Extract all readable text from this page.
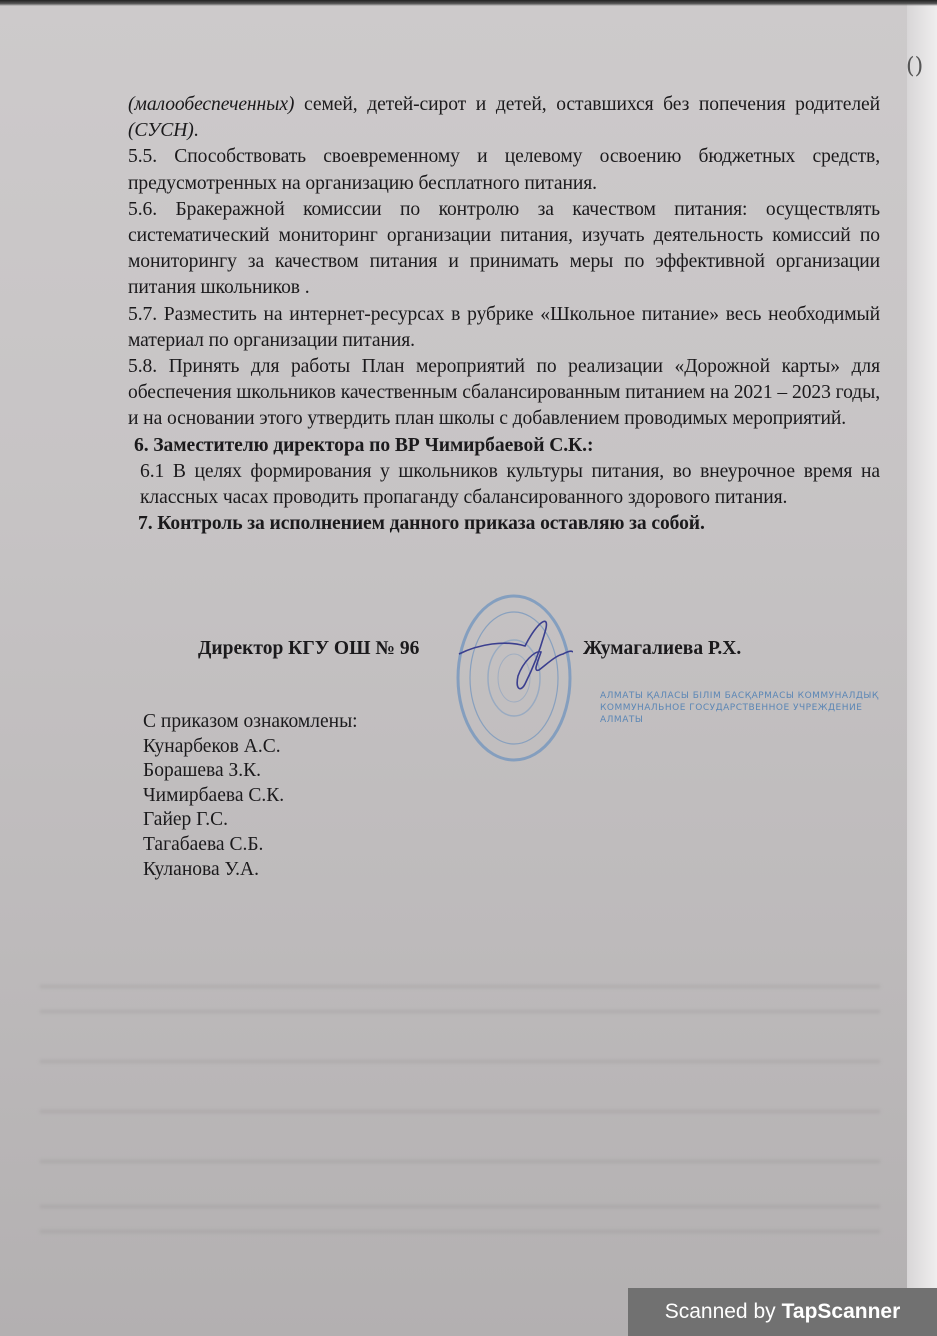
()

(малообеспеченных) семей, детей-сирот и детей, оставшихся без попечения родителей (СУСН).

5.5. Способствовать своевременному и целевому освоению бюджетных средств, предусмотренных на организацию бесплатного питания.

5.6. Бракеражной комиссии по контролю за качеством питания: осуществлять систематический мониторинг организации питания, изучать деятельность комиссий по мониторингу за качеством питания и принимать меры по эффективной организации питания школьников .

5.7. Разместить на интернет-ресурсах в рубрике «Школьное питание» весь необходимый материал по организации питания.

5.8. Принять для работы План мероприятий по реализации «Дорожной карты» для обеспечения школьников качественным сбалансированным питанием на 2021 – 2023 годы, и на основании этого утвердить план школы с добавлением проводимых мероприятий.

6. Заместителю директора по ВР Чимирбаевой С.К.:

6.1 В целях формирования у школьников культуры питания, во внеурочное время на классных часах проводить пропаганду сбалансированного здорового питания.

7. Контроль за исполнением данного приказа оставляю за собой.

АЛМАТЫ ҚАЛАСЫ БІЛІМ БАСҚАРМАСЫ КОММУНАЛДЫҚ
КОММУНАЛЬНОЕ ГОСУДАРСТВЕННОЕ УЧРЕЖДЕНИЕ АЛМАТЫ
Директор КГУ ОШ № 96	Жумагалиева Р.Х.
С приказом ознакомлены:
Кунарбеков А.С.
Борашева З.К.
Чимирбаева С.К.
Гайер Г.С.
Тагабаева С.Б.
Куланова У.А.
Scanned by TapScanner
